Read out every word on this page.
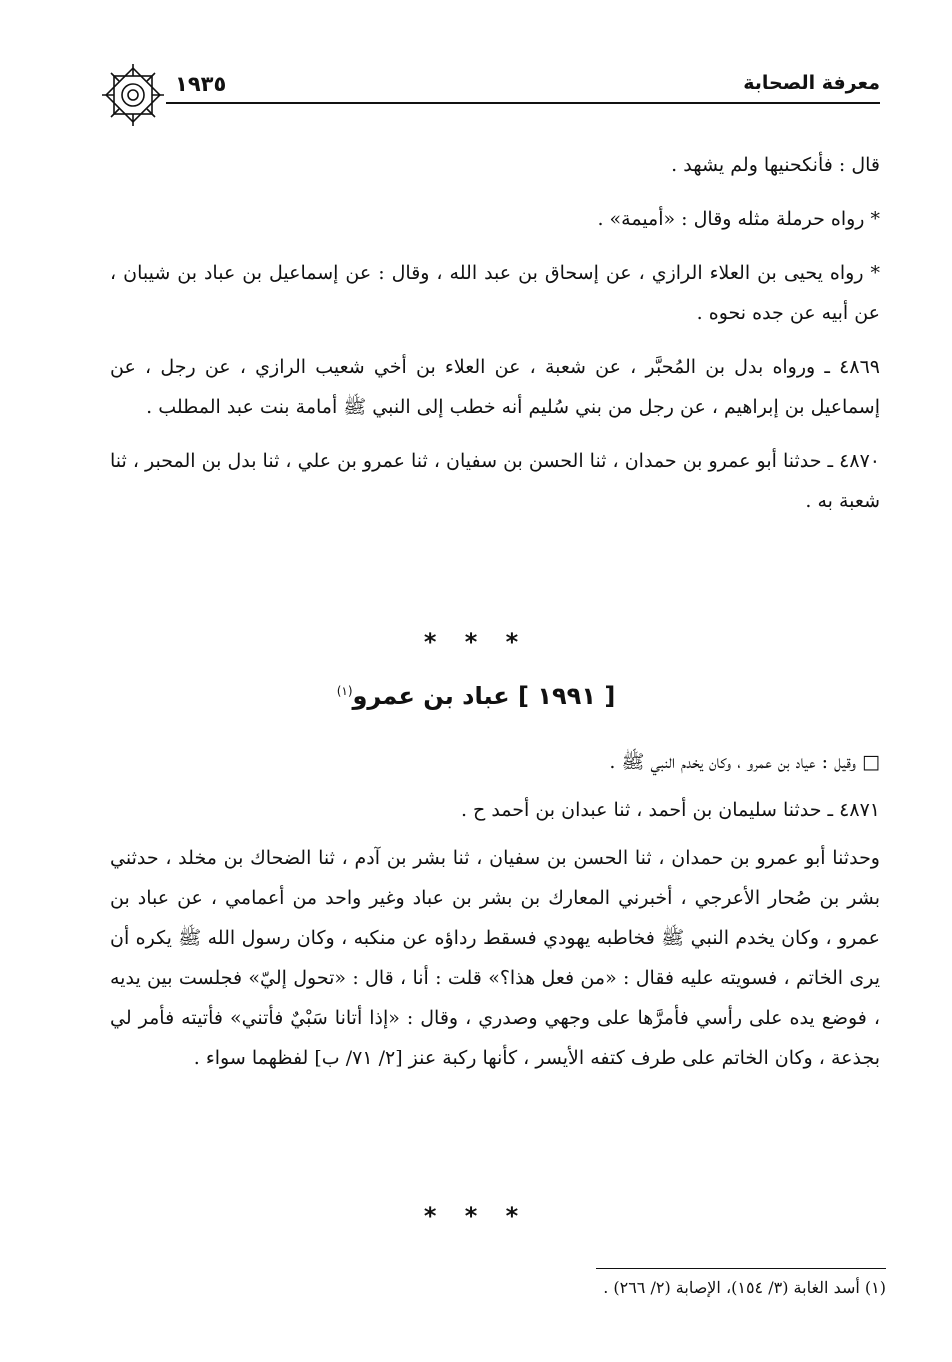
١٩٣٥	معرفة الصحابة

قال : فأنكحنيها ولم يشهد .

* رواه حرملة مثله وقال : «أميمة» .

* رواه يحيى بن العلاء الرازي ، عن إسحاق بن عبد الله ، وقال : عن إسماعيل بن عباد بن شيبان ، عن أبيه عن جده نحوه .

٤٨٦٩ ـ ورواه بدل بن المُحبَّر ، عن شعبة ، عن العلاء بن أخي شعيب الرازي ، عن رجل ، عن إسماعيل بن إبراهيم ، عن رجل من بني سُليم أنه خطب إلى النبي ﷺ أمامة بنت عبد المطلب .

٤٨٧٠ ـ حدثنا أبو عمرو بن حمدان ، ثنا الحسن بن سفيان ، ثنا عمرو بن علي ، ثنا بدل بن المحبر ، ثنا شعبة به .

* * *
[ ١٩٩١ ] عباد بن عمرو$^{(١)}$

□ وقيل : عياد بن عمرو ، وكان يخدم النبي ﷺ .

٤٨٧١ ـ حدثنا سليمان بن أحمد ، ثنا عبدان بن أحمد ح .

وحدثنا أبو عمرو بن حمدان ، ثنا الحسن بن سفيان ، ثنا بشر بن آدم ، ثنا الضحاك بن مخلد ، حدثني بشر بن صُحار الأعرجي ، أخبرني المعارك بن بشر بن عباد وغير واحد من أعمامي ، عن عباد بن عمرو ، وكان يخدم النبي ﷺ فخاطبه يهودي فسقط رداؤه عن منكبه ، وكان رسول الله ﷺ يكره أن يرى الخاتم ، فسويته عليه فقال : «من فعل هذا؟» قلت : أنا ، قال : «تحول إليّ» فجلست بين يديه ، فوضع يده على رأسي فأمرَّها على وجهي وصدري ، وقال : «إذا أتانا سَبْيٌ فأتني» فأتيته فأمر لي بجذعة ، وكان الخاتم على طرف كتفه الأيسر ، كأنها ركبة عنز [٢/ ٧١/ ب] لفظهما سواء .

* * *
(١) أسد الغابة (٣/ ١٥٤)، الإصابة (٢/ ٢٦٦) .
